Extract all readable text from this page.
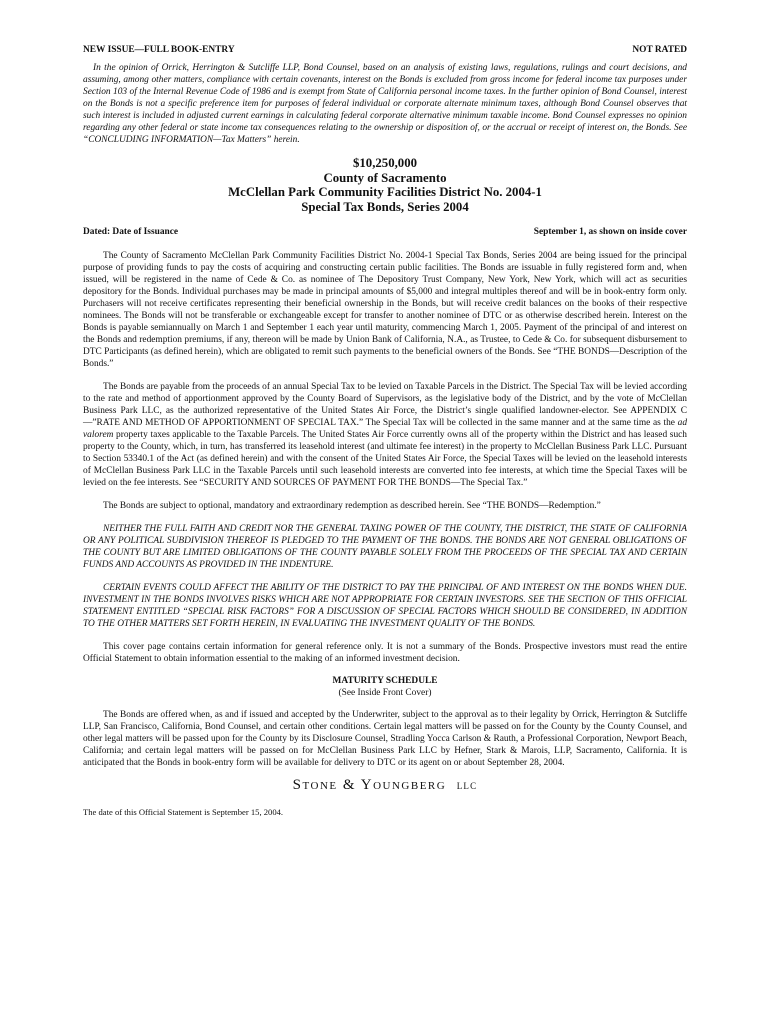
NEW ISSUE—FULL BOOK-ENTRY	NOT RATED

In the opinion of Orrick, Herrington & Sutcliffe LLP, Bond Counsel, based on an analysis of existing laws, regulations, rulings and court decisions, and assuming, among other matters, compliance with certain covenants, interest on the Bonds is excluded from gross income for federal income tax purposes under Section 103 of the Internal Revenue Code of 1986 and is exempt from State of California personal income taxes. In the further opinion of Bond Counsel, interest on the Bonds is not a specific preference item for purposes of federal individual or corporate alternate minimum taxes, although Bond Counsel observes that such interest is included in adjusted current earnings in calculating federal corporate alternative minimum taxable income. Bond Counsel expresses no opinion regarding any other federal or state income tax consequences relating to the ownership or disposition of, or the accrual or receipt of interest on, the Bonds. See “CONCLUDING INFORMATION—Tax Matters” herein.

$10,250,000
County of Sacramento
McClellan Park Community Facilities District No. 2004-1
Special Tax Bonds, Series 2004
Dated: Date of Issuance	September 1, as shown on inside cover

The County of Sacramento McClellan Park Community Facilities District No. 2004-1 Special Tax Bonds, Series 2004 are being issued for the principal purpose of providing funds to pay the costs of acquiring and constructing certain public facilities. The Bonds are issuable in fully registered form and, when issued, will be registered in the name of Cede & Co. as nominee of The Depository Trust Company, New York, New York, which will act as securities depository for the Bonds. Individual purchases may be made in principal amounts of $5,000 and integral multiples thereof and will be in book-entry form only. Purchasers will not receive certificates representing their beneficial ownership in the Bonds, but will receive credit balances on the books of their respective nominees. The Bonds will not be transferable or exchangeable except for transfer to another nominee of DTC or as otherwise described herein. Interest on the Bonds is payable semiannually on March 1 and September 1 each year until maturity, commencing March 1, 2005. Payment of the principal of and interest on the Bonds and redemption premiums, if any, thereon will be made by Union Bank of California, N.A., as Trustee, to Cede & Co. for subsequent disbursement to DTC Participants (as defined herein), which are obligated to remit such payments to the beneficial owners of the Bonds. See “THE BONDS—Description of the Bonds.”

The Bonds are payable from the proceeds of an annual Special Tax to be levied on Taxable Parcels in the District. The Special Tax will be levied according to the rate and method of apportionment approved by the County Board of Supervisors, as the legislative body of the District, and by the vote of McClellan Business Park LLC, as the authorized representative of the United States Air Force, the District’s single qualified landowner-elector. See APPENDIX C—”RATE AND METHOD OF APPORTIONMENT OF SPECIAL TAX.” The Special Tax will be collected in the same manner and at the same time as the ad valorem property taxes applicable to the Taxable Parcels. The United States Air Force currently owns all of the property within the District and has leased such property to the County, which, in turn, has transferred its leasehold interest (and ultimate fee interest) in the property to McClellan Business Park LLC. Pursuant to Section 53340.1 of the Act (as defined herein) and with the consent of the United States Air Force, the Special Taxes will be levied on the leasehold interests of McClellan Business Park LLC in the Taxable Parcels until such leasehold interests are converted into fee interests, at which time the Special Taxes will be levied on the fee interests. See “SECURITY AND SOURCES OF PAYMENT FOR THE BONDS—The Special Tax.”

The Bonds are subject to optional, mandatory and extraordinary redemption as described herein. See “THE BONDS—Redemption.”

NEITHER THE FULL FAITH AND CREDIT NOR THE GENERAL TAXING POWER OF THE COUNTY, THE DISTRICT, THE STATE OF CALIFORNIA OR ANY POLITICAL SUBDIVISION THEREOF IS PLEDGED TO THE PAYMENT OF THE BONDS. THE BONDS ARE NOT GENERAL OBLIGATIONS OF THE COUNTY BUT ARE LIMITED OBLIGATIONS OF THE COUNTY PAYABLE SOLELY FROM THE PROCEEDS OF THE SPECIAL TAX AND CERTAIN FUNDS AND ACCOUNTS AS PROVIDED IN THE INDENTURE.

CERTAIN EVENTS COULD AFFECT THE ABILITY OF THE DISTRICT TO PAY THE PRINCIPAL OF AND INTEREST ON THE BONDS WHEN DUE. INVESTMENT IN THE BONDS INVOLVES RISKS WHICH ARE NOT APPROPRIATE FOR CERTAIN INVESTORS. SEE THE SECTION OF THIS OFFICIAL STATEMENT ENTITLED “SPECIAL RISK FACTORS” FOR A DISCUSSION OF SPECIAL FACTORS WHICH SHOULD BE CONSIDERED, IN ADDITION TO THE OTHER MATTERS SET FORTH HEREIN, IN EVALUATING THE INVESTMENT QUALITY OF THE BONDS.

This cover page contains certain information for general reference only. It is not a summary of the Bonds. Prospective investors must read the entire Official Statement to obtain information essential to the making of an informed investment decision.

MATURITY SCHEDULE
(See Inside Front Cover)

The Bonds are offered when, as and if issued and accepted by the Underwriter, subject to the approval as to their legality by Orrick, Herrington & Sutcliffe LLP, San Francisco, California, Bond Counsel, and certain other conditions. Certain legal matters will be passed on for the County by the County Counsel, and other legal matters will be passed upon for the County by its Disclosure Counsel, Stradling Yocca Carlson & Rauth, a Professional Corporation, Newport Beach, California; and certain legal matters will be passed on for McClellan Business Park LLC by Hefner, Stark & Marois, LLP, Sacramento, California. It is anticipated that the Bonds in book-entry form will be available for delivery to DTC or its agent on or about September 28, 2004.

Stone & Youngberg llc
The date of this Official Statement is September 15, 2004.
